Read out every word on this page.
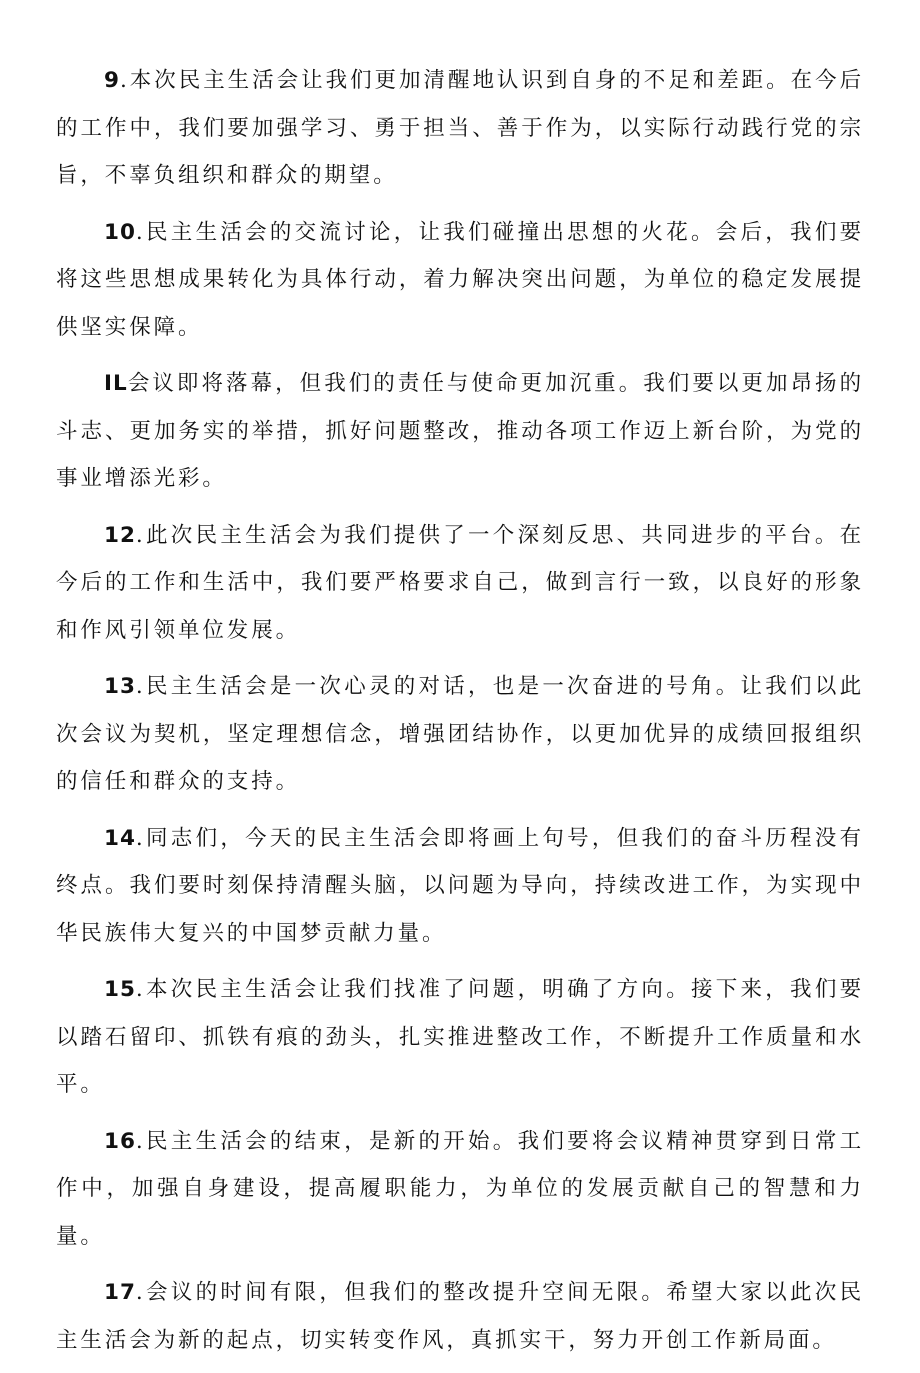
9.本次民主生活会让我们更加清醒地认识到自身的不足和差距。在今后的工作中，我们要加强学习、勇于担当、善于作为，以实际行动践行党的宗旨，不辜负组织和群众的期望。

10.民主生活会的交流讨论，让我们碰撞出思想的火花。会后，我们要将这些思想成果转化为具体行动，着力解决突出问题，为单位的稳定发展提供坚实保障。

IL会议即将落幕，但我们的责任与使命更加沉重。我们要以更加昂扬的斗志、更加务实的举措，抓好问题整改，推动各项工作迈上新台阶，为党的事业增添光彩。

12.此次民主生活会为我们提供了一个深刻反思、共同进步的平台。在今后的工作和生活中，我们要严格要求自己，做到言行一致，以良好的形象和作风引领单位发展。

13.民主生活会是一次心灵的对话，也是一次奋进的号角。让我们以此次会议为契机，坚定理想信念，增强团结协作，以更加优异的成绩回报组织的信任和群众的支持。

14.同志们，今天的民主生活会即将画上句号，但我们的奋斗历程没有终点。我们要时刻保持清醒头脑，以问题为导向，持续改进工作，为实现中华民族伟大复兴的中国梦贡献力量。

15.本次民主生活会让我们找准了问题，明确了方向。接下来，我们要以踏石留印、抓铁有痕的劲头，扎实推进整改工作，不断提升工作质量和水平。

16.民主生活会的结束，是新的开始。我们要将会议精神贯穿到日常工作中，加强自身建设，提高履职能力，为单位的发展贡献自己的智慧和力量。

17.会议的时间有限，但我们的整改提升空间无限。希望大家以此次民主生活会为新的起点，切实转变作风，真抓实干，努力开创工作新局面。
